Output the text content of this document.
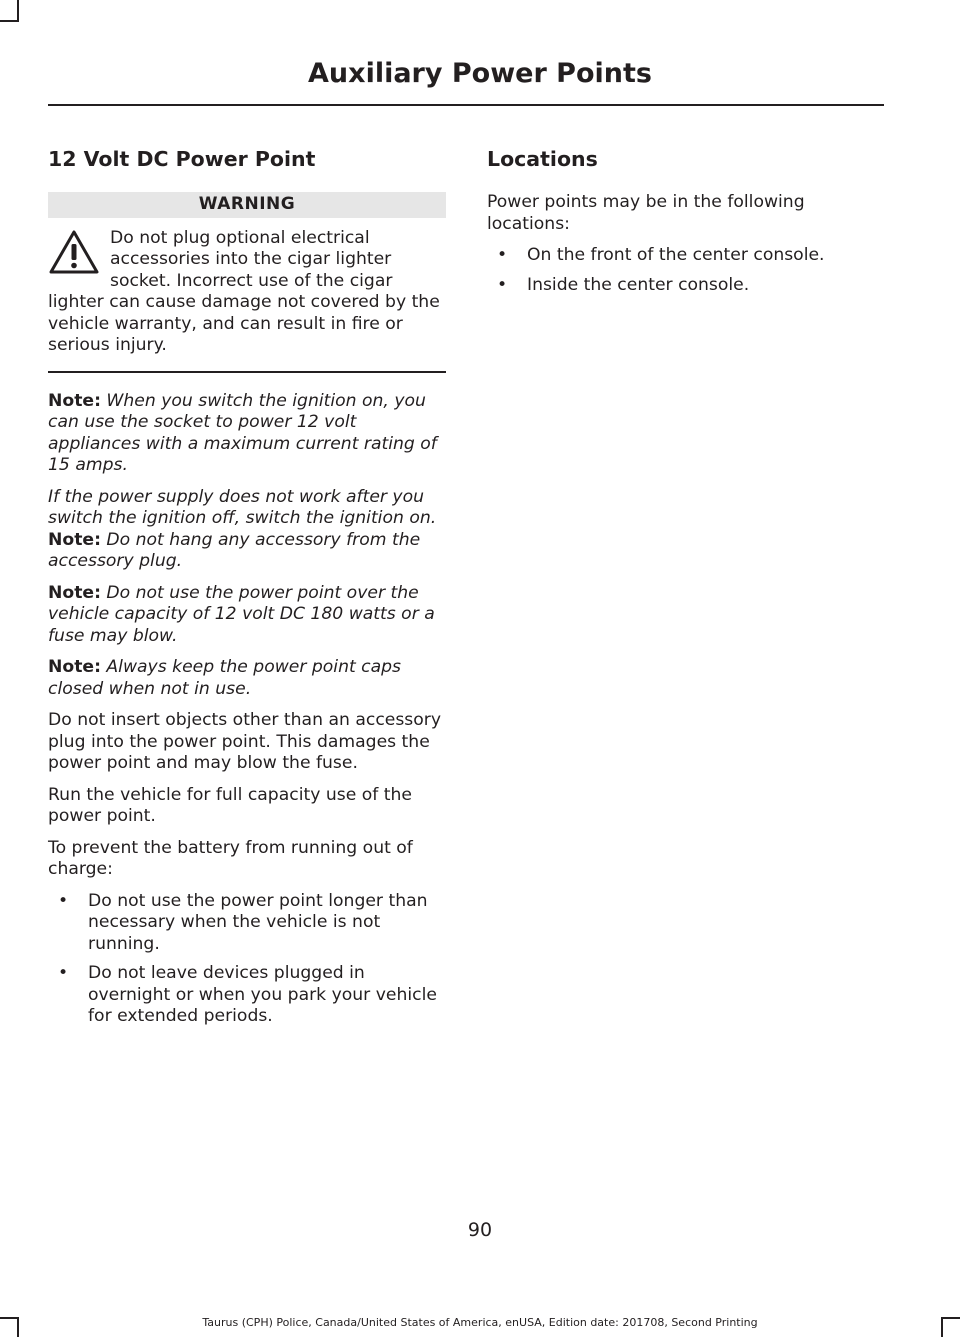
Auxiliary Power Points
12 Volt DC Power Point
WARNING
Do not plug optional electrical accessories into the cigar lighter socket. Incorrect use of the cigar lighter can cause damage not covered by the vehicle warranty, and can result in fire or serious injury.

Note: When you switch the ignition on, you can use the socket to power 12 volt appliances with a maximum current rating of 15 amps.

If the power supply does not work after you switch the ignition off, switch the ignition on.

Note: Do not hang any accessory from the accessory plug.

Note: Do not use the power point over the vehicle capacity of 12 volt DC 180 watts or a fuse may blow.

Note: Always keep the power point caps closed when not in use.

Do not insert objects other than an accessory plug into the power point. This damages the power point and may blow the fuse.

Run the vehicle for full capacity use of the power point.

To prevent the battery from running out of charge:

• Do not use the power point longer than necessary when the vehicle is not running.
• Do not leave devices plugged in overnight or when you park your vehicle for extended periods.
Locations

Power points may be in the following locations:

• On the front of the center console.
• Inside the center console.
90
Taurus (CPH) Police, Canada/United States of America, enUSA, Edition date: 201708, Second Printing
